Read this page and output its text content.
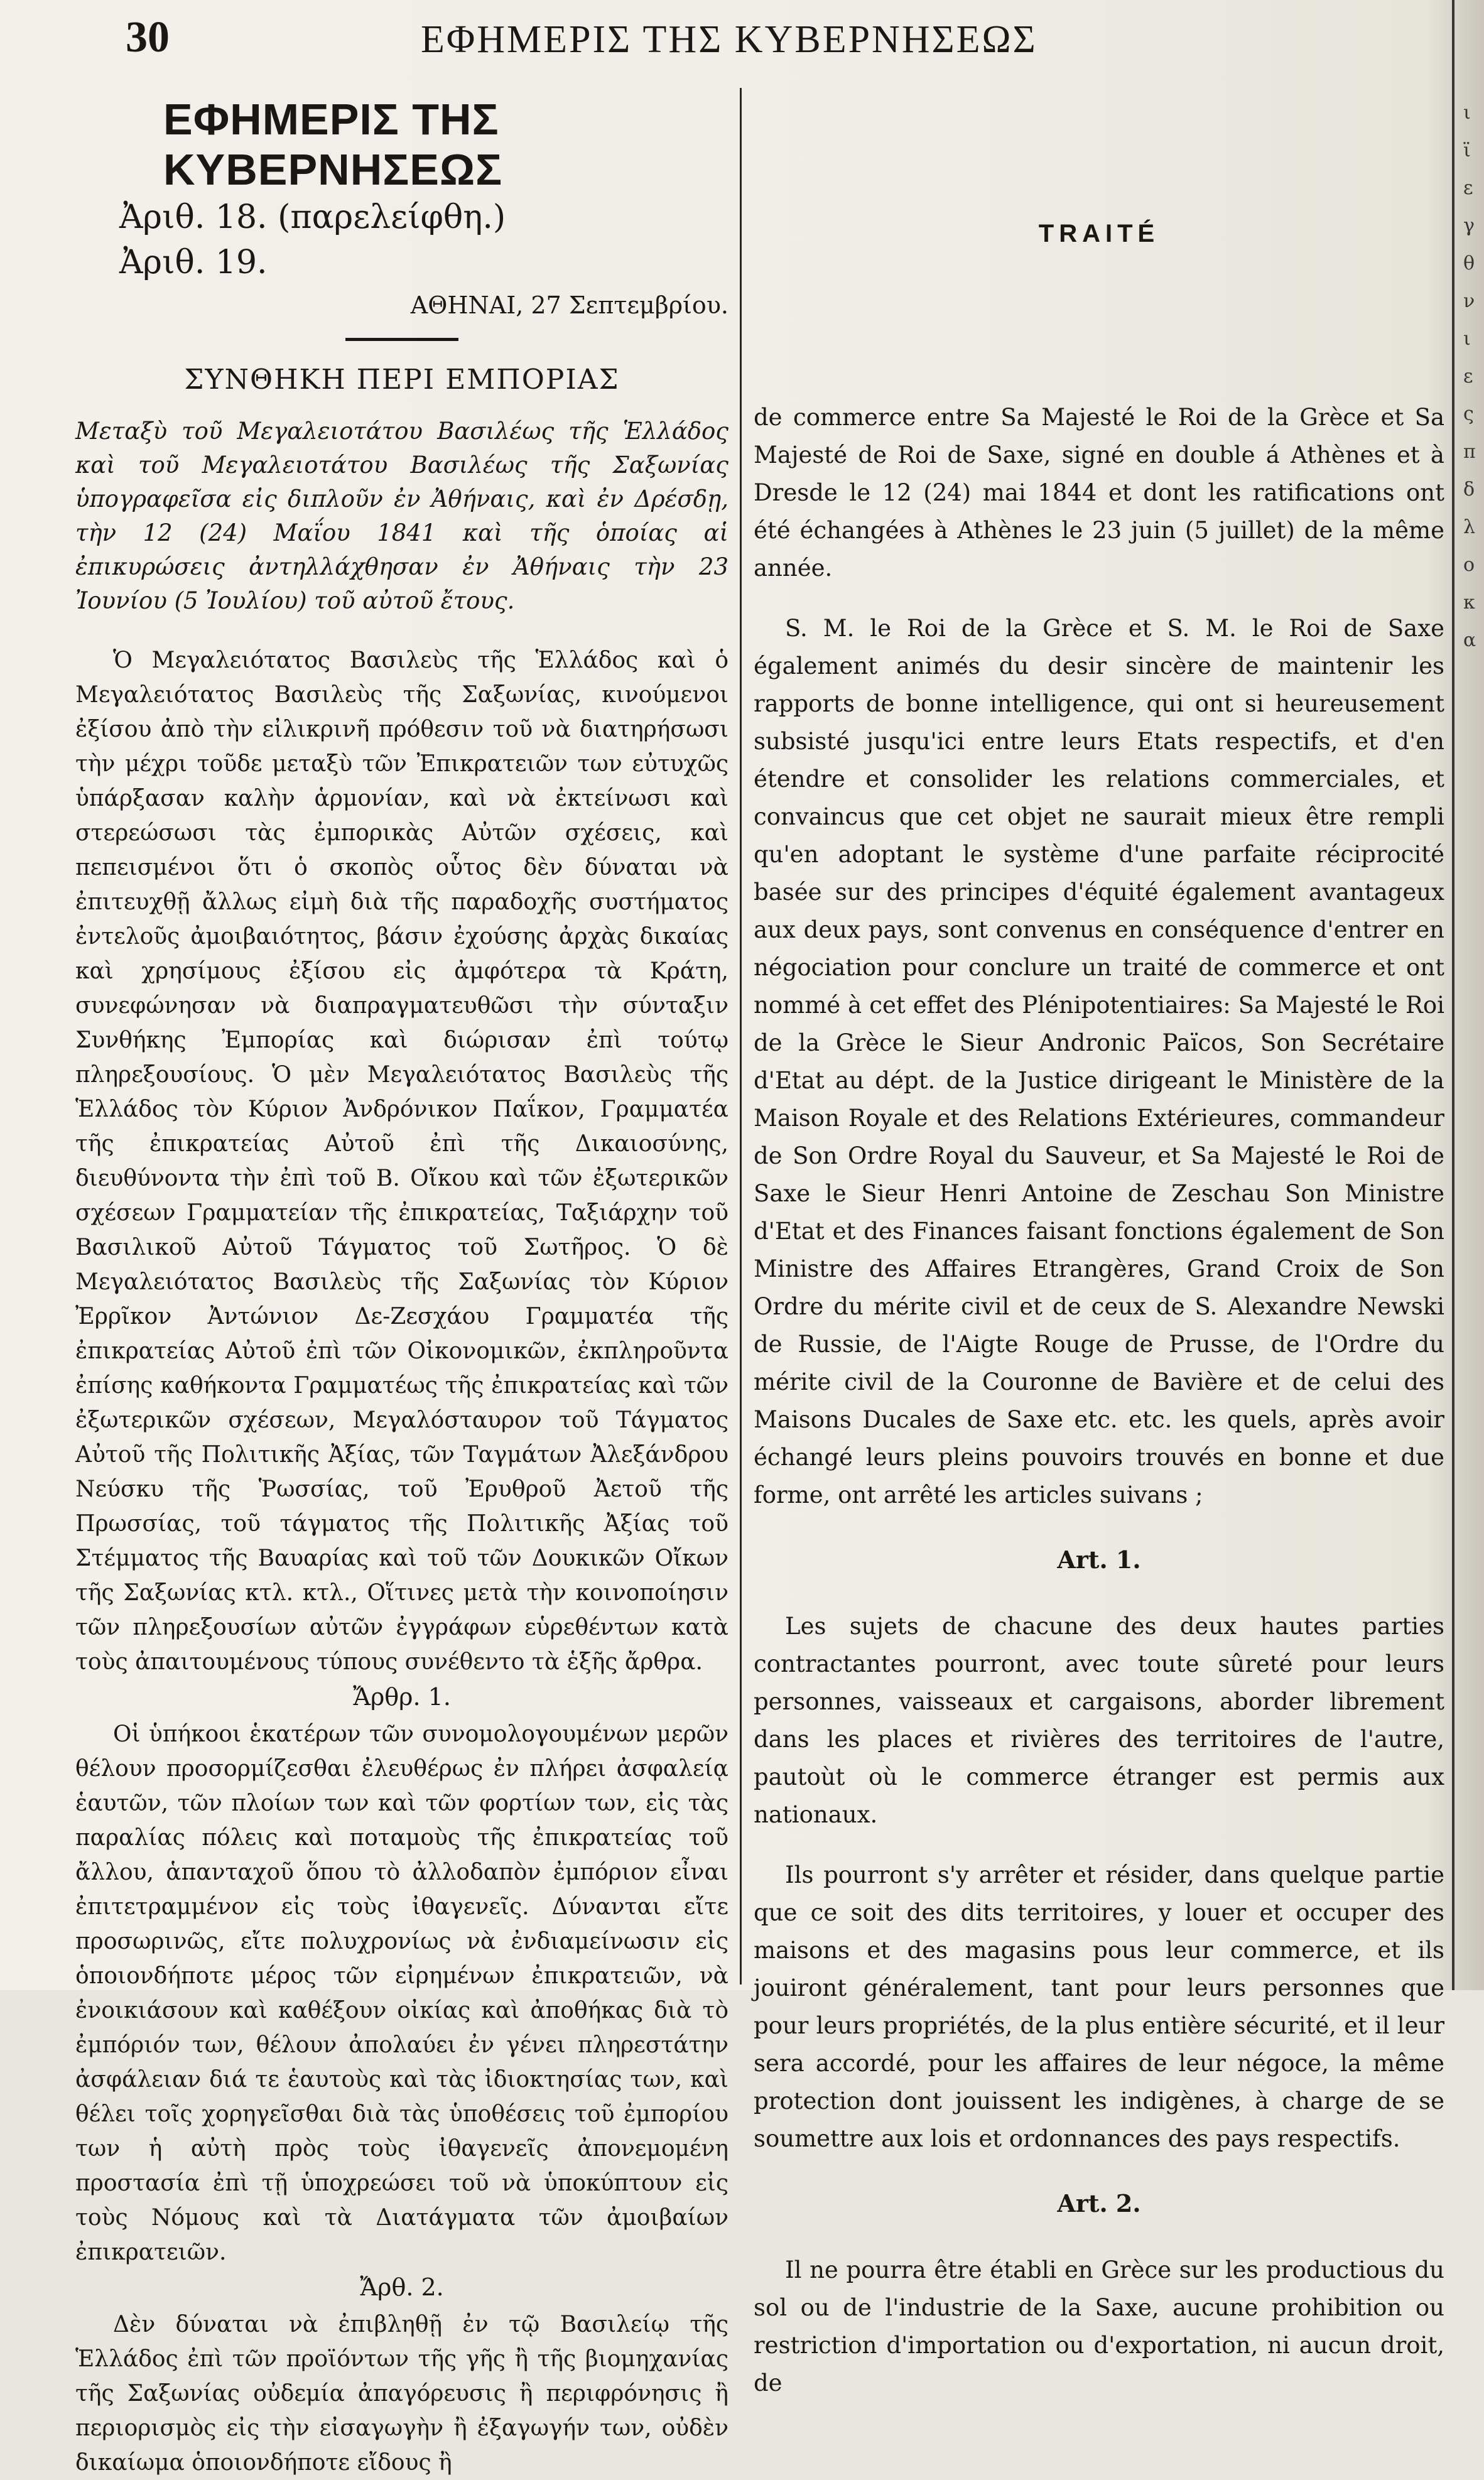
30	ΕΦΗΜΕΡΙΣ ΤΗΣ ΚΥΒΕΡΝΗΣΕΩΣ
ι
ϊ
ε
γ
θ
ν
ι
ε
ς
π
δ
λ
ο
κ
α
ΕΦΗΜΕΡΙΣ ΤΗΣ ΚΥΒΕΡΝΗΣΕΩΣ
Ἀριθ. 18. (παρελείφθη.)
Ἀριθ. 19.
ΑΘΗΝΑΙ, 27 Σεπτεμβρίου.
ΣΥΝΘΗΚΗ ΠΕΡΙ ΕΜΠΟΡΙΑΣ

Μεταξὺ τοῦ Μεγαλειοτάτου Βασιλέως τῆς Ἑλλάδος καὶ τοῦ Μεγαλειοτάτου Βασιλέως τῆς Σαξωνίας ὑπογραφεῖσα εἰς διπλοῦν ἐν Ἀθήναις, καὶ ἐν Δρέσδῃ, τὴν 12 (24) Μαΐου 1841 καὶ τῆς ὁποίας αἱ ἐπικυρώσεις ἀντηλλάχθησαν ἐν Ἀθήναις τὴν 23 Ἰουνίου (5 Ἰουλίου) τοῦ αὐτοῦ ἔτους.

Ὁ Μεγαλειότατος Βασιλεὺς τῆς Ἑλλάδος καὶ ὁ Μεγαλειότατος Βασιλεὺς τῆς Σαξωνίας, κινούμενοι ἐξίσου ἀπὸ τὴν εἰλικρινῆ πρόθεσιν τοῦ νὰ διατηρήσωσι τὴν μέχρι τοῦδε μεταξὺ τῶν Ἐπικρατειῶν των εὐτυχῶς ὑπάρξασαν καλὴν ἁρμονίαν, καὶ νὰ ἐκτείνωσι καὶ στερεώσωσι τὰς ἐμπορικὰς Αὐτῶν σχέσεις, καὶ πεπεισμένοι ὅτι ὁ σκοπὸς οὗτος δὲν δύναται νὰ ἐπιτευχθῇ ἄλλως εἰμὴ διὰ τῆς παραδοχῆς συστήματος ἐντελοῦς ἀμοιβαιότητος, βάσιν ἐχούσης ἀρχὰς δικαίας καὶ χρησίμους ἐξίσου εἰς ἀμφότερα τὰ Κράτη, συνεφώνησαν νὰ διαπραγματευθῶσι τὴν σύνταξιν Συνθήκης Ἐμπορίας καὶ διώρισαν ἐπὶ τούτῳ πληρεξουσίους. Ὁ μὲν Μεγαλειότατος Βασιλεὺς τῆς Ἑλλάδος τὸν Κύριον Ἀνδρόνικον Παΐκον, Γραμματέα τῆς ἐπικρατείας Αὐτοῦ ἐπὶ τῆς Δικαιοσύνης, διευθύνοντα τὴν ἐπὶ τοῦ Β. Οἴκου καὶ τῶν ἐξωτερικῶν σχέσεων Γραμματείαν τῆς ἐπικρατείας, Ταξιάρχην τοῦ Βασιλικοῦ Αὐτοῦ Τάγματος τοῦ Σωτῆρος. Ὁ δὲ Μεγαλειότατος Βασιλεὺς τῆς Σαξωνίας τὸν Κύριον Ἐρρῖκον Ἀντώνιον Δε-Ζεσχάου Γραμματέα τῆς ἐπικρατείας Αὐτοῦ ἐπὶ τῶν Οἰκονομικῶν, ἐκπληροῦντα ἐπίσης καθήκοντα Γραμματέως τῆς ἐπικρατείας καὶ τῶν ἐξωτερικῶν σχέσεων, Μεγαλόσταυρον τοῦ Τάγματος Αὐτοῦ τῆς Πολιτικῆς Ἀξίας, τῶν Ταγμάτων Ἀλεξάνδρου Νεύσκυ τῆς Ῥωσσίας, τοῦ Ἐρυθροῦ Ἀετοῦ τῆς Πρωσσίας, τοῦ τάγματος τῆς Πολιτικῆς Ἀξίας τοῦ Στέμματος τῆς Βαυαρίας καὶ τοῦ τῶν Δουκικῶν Οἴκων τῆς Σαξωνίας κτλ. κτλ., Οἵτινες μετὰ τὴν κοινοποίησιν τῶν πληρεξουσίων αὐτῶν ἐγγράφων εὑρεθέντων κατὰ τοὺς ἀπαιτουμένους τύπους συνέθεντο τὰ ἑξῆς ἄρθρα.

Ἄρθρ. 1.

Οἱ ὑπήκοοι ἑκατέρων τῶν συνομολογουμένων μερῶν θέλουν προσορμίζεσθαι ἐλευθέρως ἐν πλήρει ἀσφαλείᾳ ἑαυτῶν, τῶν πλοίων των καὶ τῶν φορτίων των, εἰς τὰς παραλίας πόλεις καὶ ποταμοὺς τῆς ἐπικρατείας τοῦ ἄλλου, ἁπανταχοῦ ὅπου τὸ ἀλλοδαπὸν ἐμπόριον εἶναι ἐπιτετραμμένον εἰς τοὺς ἰθαγενεῖς. Δύνανται εἴτε προσωρινῶς, εἴτε πολυχρονίως νὰ ἐνδιαμείνωσιν εἰς ὁποιονδήποτε μέρος τῶν εἰρημένων ἐπικρατειῶν, νὰ ἐνοικιάσουν καὶ καθέξουν οἰκίας καὶ ἀποθήκας διὰ τὸ ἐμπόριόν των, θέλουν ἀπολαύει ἐν γένει πληρεστάτην ἀσφάλειαν διά τε ἑαυτοὺς καὶ τὰς ἰδιοκτησίας των, καὶ θέλει τοῖς χορηγεῖσθαι διὰ τὰς ὑποθέσεις τοῦ ἐμπορίου των ἡ αὐτὴ πρὸς τοὺς ἰθαγενεῖς ἀπονεμομένη προστασία ἐπὶ τῇ ὑποχρεώσει τοῦ νὰ ὑποκύπτουν εἰς τοὺς Νόμους καὶ τὰ Διατάγματα τῶν ἀμοιβαίων ἐπικρατειῶν.

Ἄρθ. 2.

Δὲν δύναται νὰ ἐπιβληθῇ ἐν τῷ Βασιλείῳ τῆς Ἑλλάδος ἐπὶ τῶν προϊόντων τῆς γῆς ἢ τῆς βιομηχανίας τῆς Σαξωνίας οὐδεμία ἀπαγόρευσις ἢ περιφρόνησις ἢ περιορισμὸς εἰς τὴν εἰσαγωγὴν ἢ ἐξαγωγήν των, οὐδὲν δικαίωμα ὁποιονδήποτε εἴδους ἢ

TRAITÉ

de commerce entre Sa Majesté le Roi de la Grèce et Sa Majesté de Roi de Saxe, signé en double á Athènes et à Dresde le 12 (24) mai 1844 et dont les ratifications ont été échangées à Athènes le 23 juin (5 juillet) de la même année.

S. M. le Roi de la Grèce et S. M. le Roi de Saxe également animés du desir sincère de maintenir les rapports de bonne intelligence, qui ont si heureusement subsisté jusqu'ici entre leurs Etats respectifs, et d'en étendre et consolider les relations commerciales, et convaincus que cet objet ne saurait mieux être rempli qu'en adoptant le système d'une parfaite réciprocité basée sur des principes d'équité également avantageux aux deux pays, sont convenus en conséquence d'entrer en négociation pour conclure un traité de commerce et ont nommé à cet effet des Plénipotentiaires: Sa Majesté le Roi de la Grèce le Sieur Andronic Païcos, Son Secrétaire d'Etat au dépt. de la Justice dirigeant le Ministère de la Maison Royale et des Relations Extérieures, commandeur de Son Ordre Royal du Sauveur, et Sa Majesté le Roi de Saxe le Sieur Henri Antoine de Zeschau Son Ministre d'Etat et des Finances faisant fonctions également de Son Ministre des Affaires Etrangères, Grand Croix de Son Ordre du mérite civil et de ceux de S. Alexandre Newski de Russie, de l'Aigte Rouge de Prusse, de l'Ordre du mérite civil de la Couronne de Bavière et de celui des Maisons Ducales de Saxe etc. etc. les quels, après avoir échangé leurs pleins pouvoirs trouvés en bonne et due forme, ont arrêté les articles suivans ;

Art. 1.

Les sujets de chacune des deux hautes parties contractantes pourront, avec toute sûreté pour leurs personnes, vaisseaux et cargaisons, aborder librement dans les places et rivières des territoires de l'autre, pautoùt où le commerce étranger est permis aux nationaux.

Ils pourront s'y arrêter et résider, dans quelque partie que ce soit des dits territoires, y louer et occuper des maisons et des magasins pous leur commerce, et ils jouiront généralement, tant pour leurs personnes que pour leurs propriétés, de la plus entière sécurité, et il leur sera accordé, pour les affaires de leur négoce, la même protection dont jouissent les indigènes, à charge de se soumettre aux lois et ordonnances des pays respectifs.

Art. 2.

Il ne pourra être établi en Grèce sur les productious du sol ou de l'industrie de la Saxe, aucune prohibition ou restriction d'importation ou d'exportation, ni aucun droit, de
